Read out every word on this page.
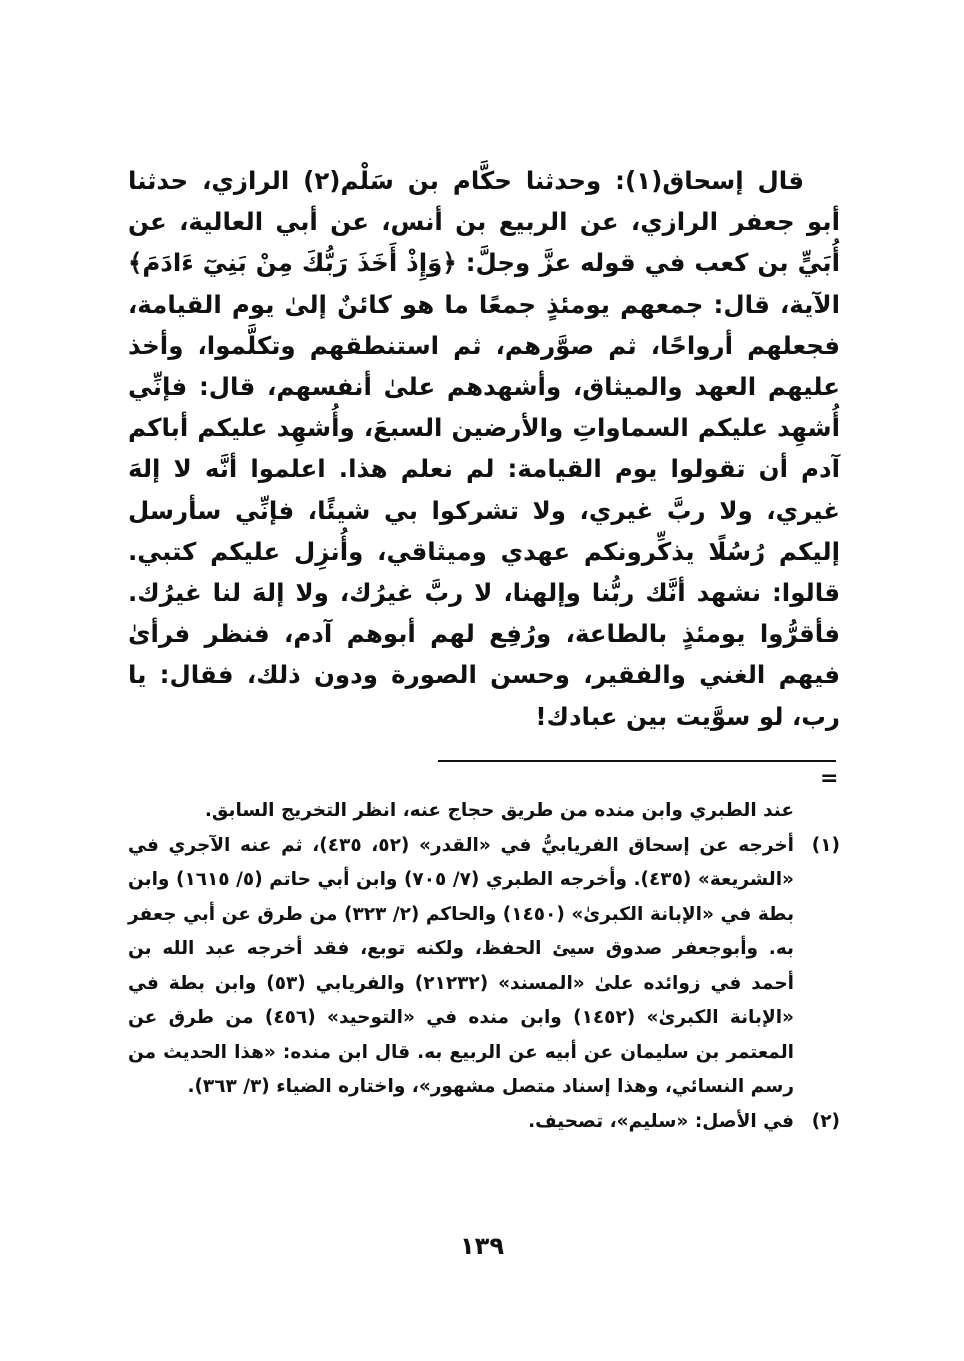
قال إسحاق(١): وحدثنا حكَّام بن سَلْم(٢) الرازي، حدثنا أبو جعفر الرازي، عن الربيع بن أنس، عن أبي العالية، عن أُبَيٍّ بن كعب في قوله عزَّ وجلَّ: ﴿وَإِذْ أَخَذَ رَبُّكَ مِنْ بَنِيٓ ءَادَمَ﴾ الآية، قال: جمعهم يومئذٍ جمعًا ما هو كائنٌ إلىٰ يوم القيامة، فجعلهم أرواحًا، ثم صوَّرهم، ثم استنطقهم وتكلَّموا، وأخذ عليهم العهد والميثاق، وأشهدهم علىٰ أنفسهم، قال: فإنِّي أُشهِد عليكم السماواتِ والأرضين السبعَ، وأُشهِد عليكم أباكم آدم أن تقولوا يوم القيامة: لم نعلم هذا. اعلموا أنَّه لا إلهَ غيري، ولا ربَّ غيري، ولا تشركوا بي شيئًا، فإنِّي سأرسل إليكم رُسُلًا يذكِّرونكم عهدي وميثاقي، وأُنزِل عليكم كتبي. قالوا: نشهد أنَّك ربُّنا وإلهنا، لا ربَّ غيرُك، ولا إلهَ لنا غيرُك. فأقرُّوا يومئذٍ بالطاعة، ورُفِع لهم أبوهم آدم، فنظر فرأىٰ فيهم الغني والفقير، وحسن الصورة ودون ذلك، فقال: يا رب، لو سوَّيت بين عبادك!

=

عند الطبري وابن منده من طريق حجاج عنه، انظر التخريج السابق.

(١)
أخرجه عن إسحاق الفريابيُّ في «القدر» (٥٢، ٤٣٥)، ثم عنه الآجري في «الشريعة» (٤٣٥). وأخرجه الطبري (٧/ ٧٠٥) وابن أبي حاتم (٥/ ١٦١٥) وابن بطة في «الإبانة الكبرىٰ» (١٤٥٠) والحاكم (٢/ ٣٢٣) من طرق عن أبي جعفر به. وأبوجعفر صدوق سيئ الحفظ، ولكنه توبع، فقد أخرجه عبد الله بن أحمد في زوائده علىٰ «المسند» (٢١٢٣٢) والفريابي (٥٣) وابن بطة في «الإبانة الكبرىٰ» (١٤٥٢) وابن منده في «التوحيد» (٤٥٦) من طرق عن المعتمر بن سليمان عن أبيه عن الربيع به. قال ابن منده: «هذا الحديث من رسم النسائي، وهذا إسناد متصل مشهور»، واختاره الضياء (٣/ ٣٦٣).
(٢)
في الأصل: «سليم»، تصحيف.
١٣٩
